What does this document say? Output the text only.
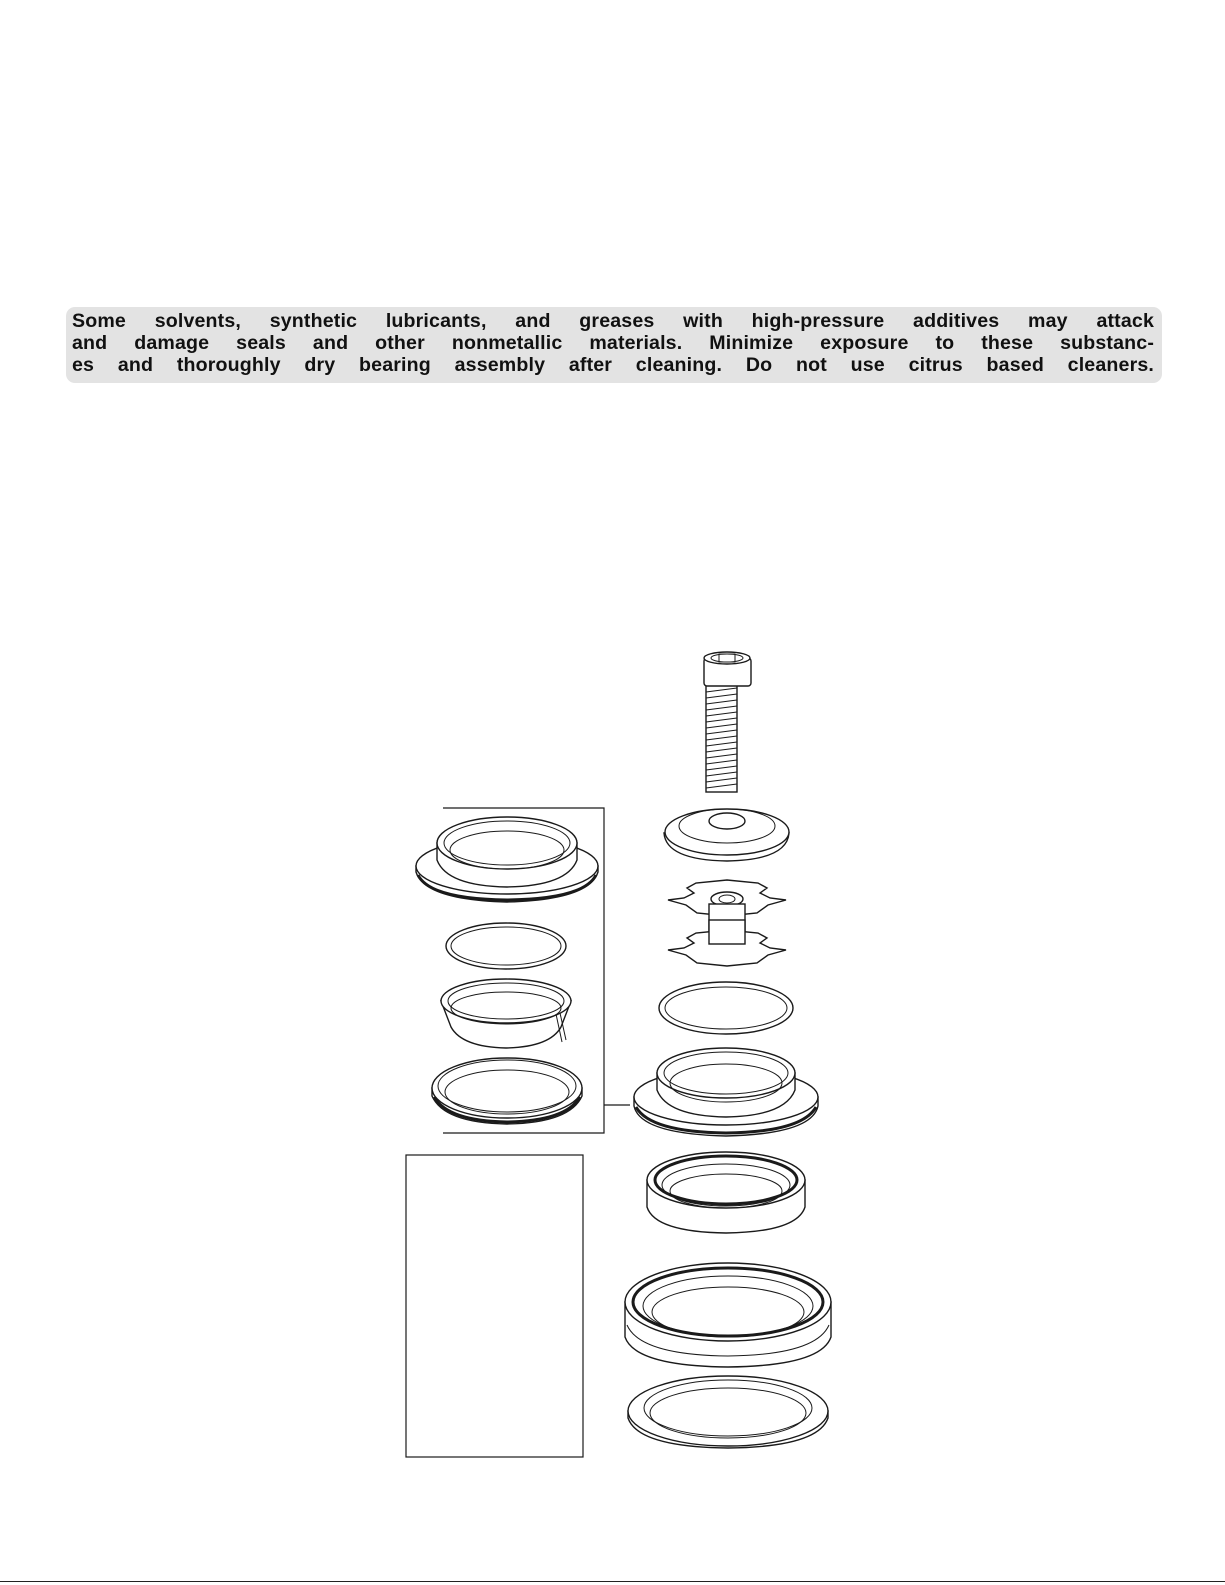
Some solvents, synthetic lubricants, and greases with high-pressure additives may attack
and damage seals and other nonmetallic materials. Minimize exposure to these substanc-
es and thoroughly dry bearing assembly after cleaning. Do not use citrus based cleaners.
